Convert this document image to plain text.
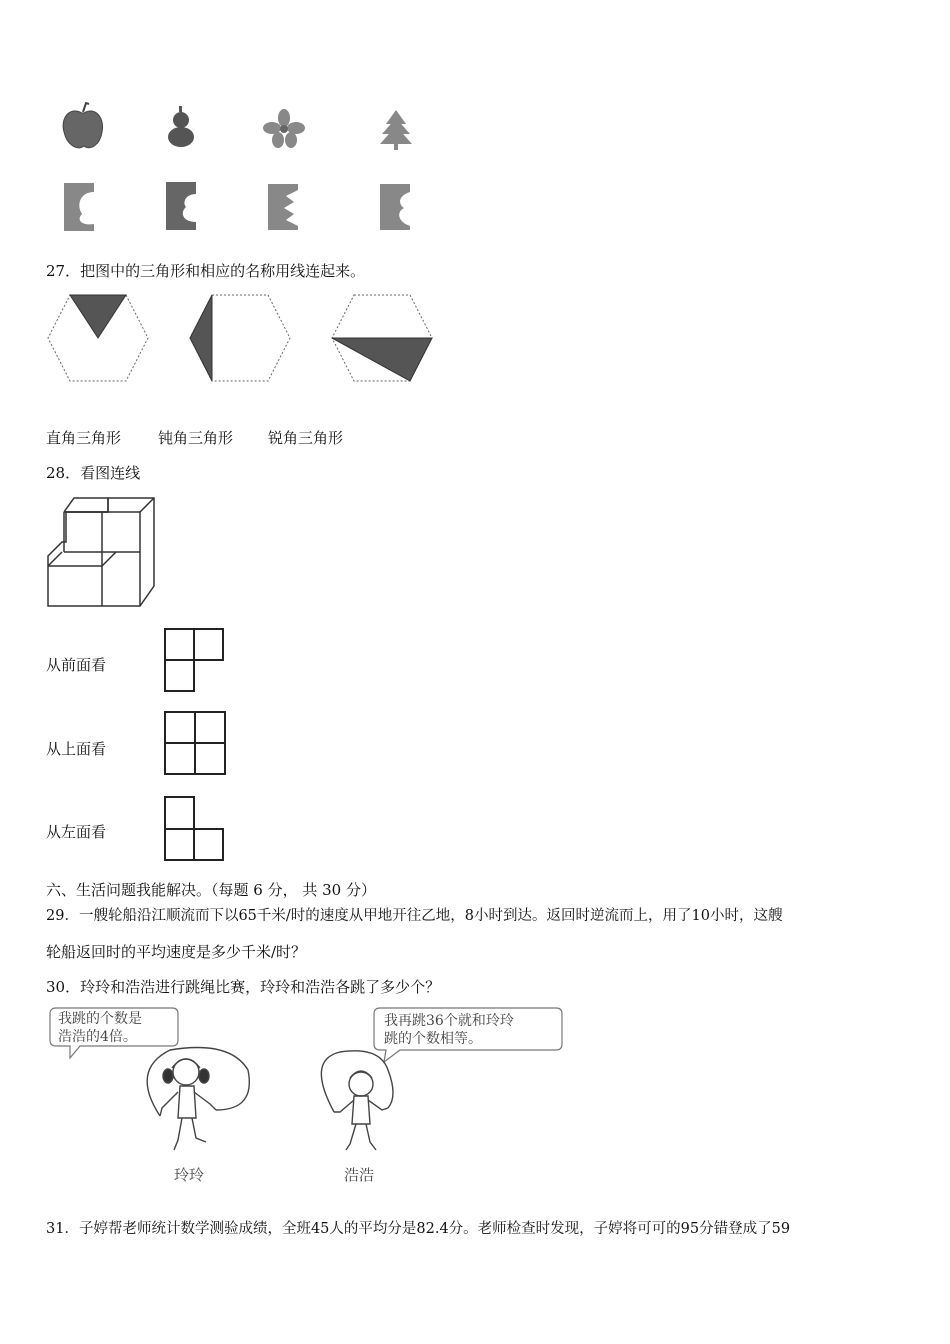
27．把图中的三角形和相应的名称用线连起来。
直角三角形 钝角三角形 锐角三角形
28．看图连线
从前面看
从上面看
从左面看
六、生活问题我能解决。（每题 6 分， 共 30 分）
29．一艘轮船沿江顺流而下以65千米/时的速度从甲地开往乙地，8小时到达。返回时逆流而上，用了10小时，这艘
轮船返回时的平均速度是多少千米/时？
30．玲玲和浩浩进行跳绳比赛，玲玲和浩浩各跳了多少个？
我跳的个数是
浩浩的4倍。
我再跳36个就和玲玲
跳的个数相等。
玲玲	浩浩
31．子婷帮老师统计数学测验成绩，全班45人的平均分是82.4分。老师检查时发现，子婷将可可的95分错登成了59
